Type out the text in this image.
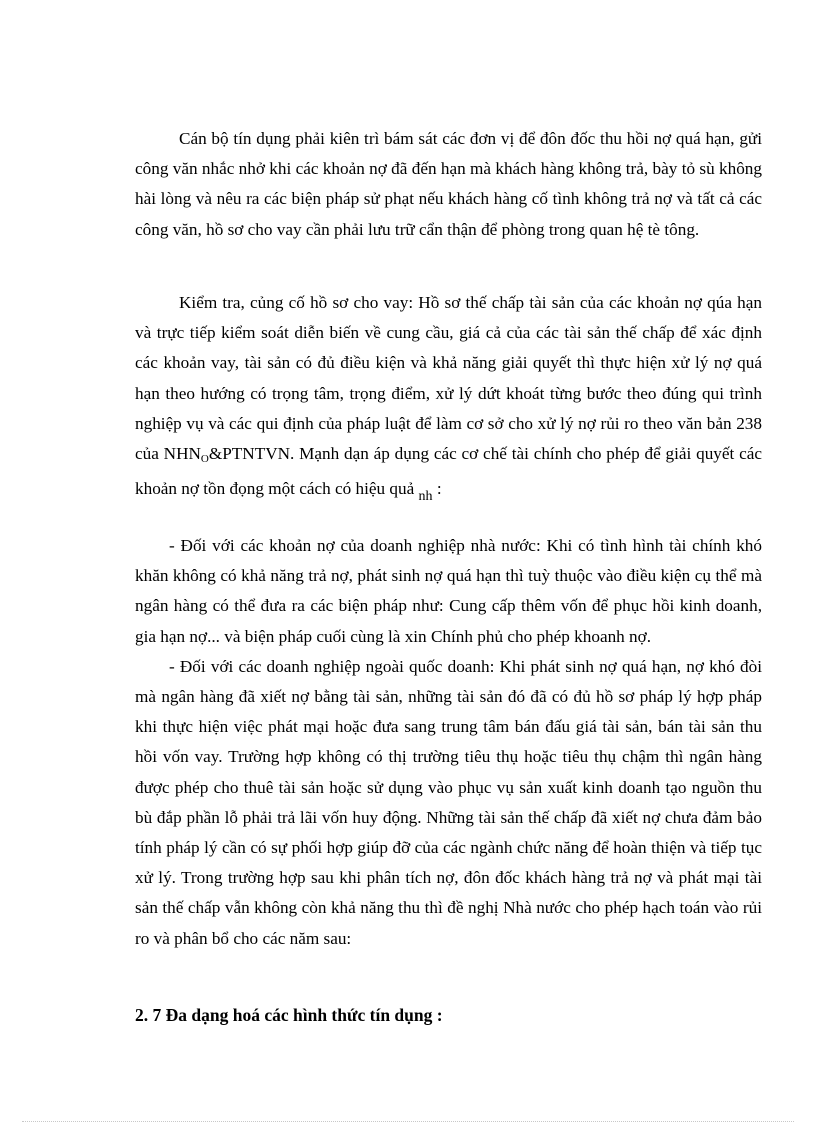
Cán bộ tín dụng phải kiên trì bám sát các đơn vị để đôn đốc thu hồi nợ quá hạn, gửi công văn nhắc nhở khi các khoản nợ đã đến hạn mà khách hàng không trả, bày tỏ sù không hài lòng và nêu ra các biện pháp sử phạt nếu khách hàng cố tình không trả nợ và tất cả các công văn, hồ sơ cho vay cần phải lưu trữ cẩn thận để phòng trong quan hệ tè tông.

Kiểm tra, củng cố hồ sơ cho vay: Hồ sơ thế chấp tài sản của các khoản nợ qúa hạn và trực tiếp kiểm soát diễn biến về cung cầu, giá cả của các tài sản thế chấp để xác định các khoản vay, tài sản có đủ điều kiện và khả năng giải quyết thì thực hiện xử lý nợ quá hạn theo hướng có trọng tâm, trọng điểm, xử lý dứt khoát từng bước theo đúng qui trình nghiệp vụ và các qui định của pháp luật để làm cơ sở cho xử lý nợ rủi ro theo văn bản 238 của $NHN_O\&PTNTVN$. Mạnh dạn áp dụng các cơ chế tài chính cho phép để giải quyết các khoản nợ tồn đọng một cách có hiệu quả $_{nh}$ :

- Đối với các khoản nợ của doanh nghiệp nhà nước: Khi có tình hình tài chính khó khăn không có khả năng trả nợ, phát sinh nợ quá hạn thì tuỳ thuộc vào điều kiện cụ thể mà ngân hàng có thể đưa ra các biện pháp như: Cung cấp thêm vốn để phục hồi kinh doanh, gia hạn nợ... và biện pháp cuối cùng là xin Chính phủ cho phép khoanh nợ.

- Đối với các doanh nghiệp ngoài quốc doanh: Khi phát sinh nợ quá hạn, nợ khó đòi mà ngân hàng đã xiết nợ bằng tài sản, những tài sản đó đã có đủ hồ sơ pháp lý hợp pháp khi thực hiện việc phát mại hoặc đưa sang trung tâm bán đấu giá tài sản, bán tài sản thu hồi vốn vay. Trường hợp không có thị trường tiêu thụ hoặc tiêu thụ chậm thì ngân hàng được phép cho thuê tài sản hoặc sử dụng vào phục vụ sản xuất kinh doanh tạo nguồn thu bù đắp phần lỗ phải trả lãi vốn huy động. Những tài sản thế chấp đã xiết nợ chưa đảm bảo tính pháp lý cần có sự phối hợp giúp đỡ của các ngành chức năng để hoàn thiện và tiếp tục xử lý. Trong trường hợp sau khi phân tích nợ, đôn đốc khách hàng trả nợ và phát mại tài sản thế chấp vẫn không còn khả năng thu thì đề nghị Nhà nước cho phép hạch toán vào rủi ro và phân bổ cho các năm sau:

2. 7 Đa dạng hoá các hình thức tín dụng :
